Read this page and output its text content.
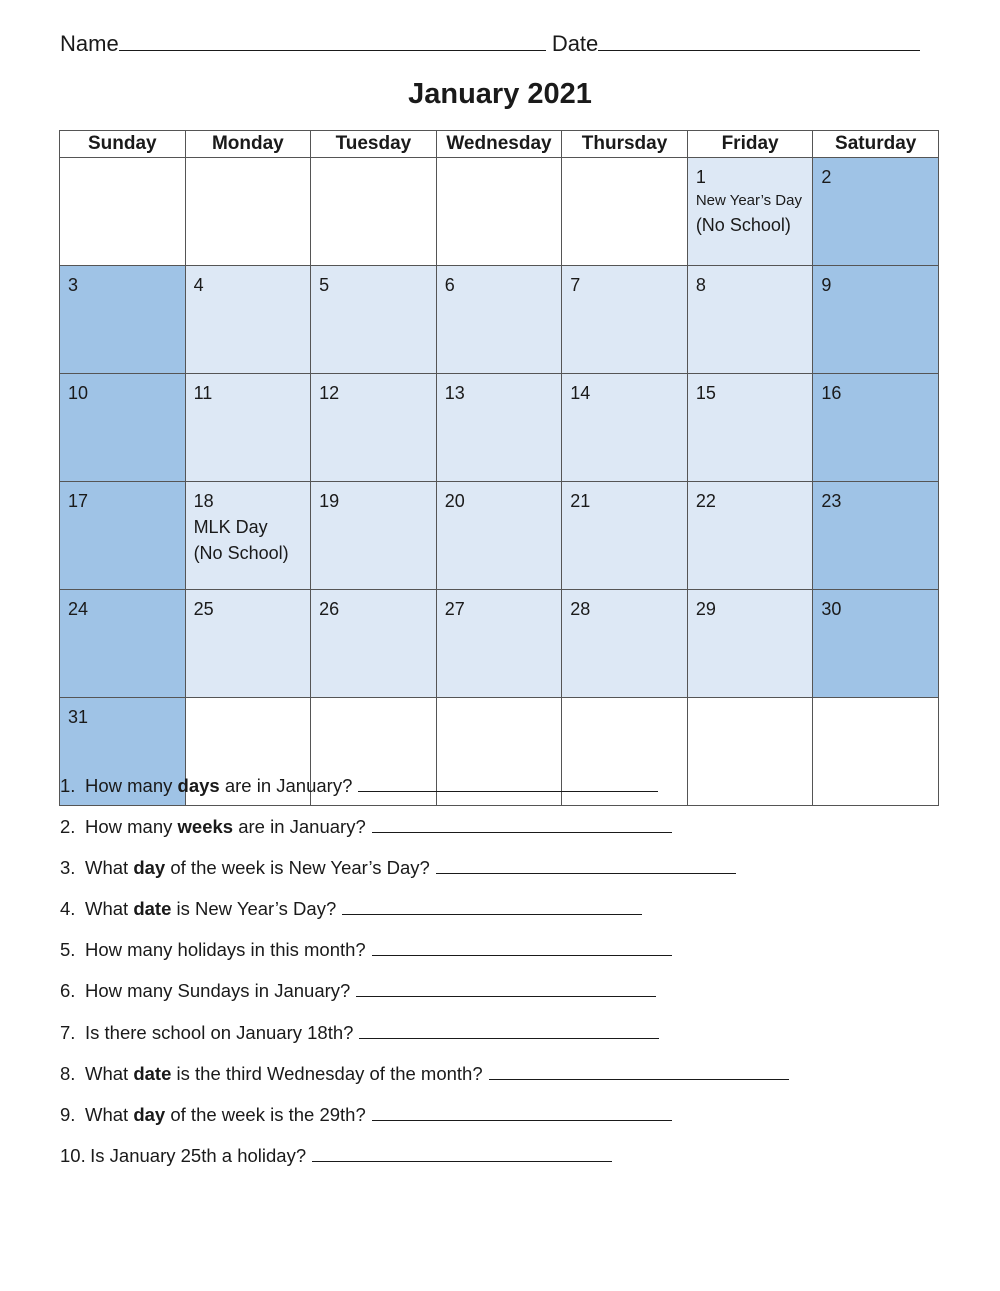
Name	Date
January 2021
Sunday	Monday	Tuesday	Wednesday	Thursday	Friday	Saturday

					1
New Year’s Day
(No School)	2
3	4	5	6	7	8	9
10	11	12	13	14	15	16
17	18
MLK Day
(No School)	19	20	21	22	23
24	25	26	27	28	29	30
31						
1. How many days are in January?
2. How many weeks are in January?
3. What day of the week is New Year’s Day?
4. What date is New Year’s Day?
5. How many holidays in this month?
6. How many Sundays in January?
7. Is there school on January 18th?
8. What date is the third Wednesday of the month?
9. What day of the week is the 29th?
10. Is January 25th a holiday?
